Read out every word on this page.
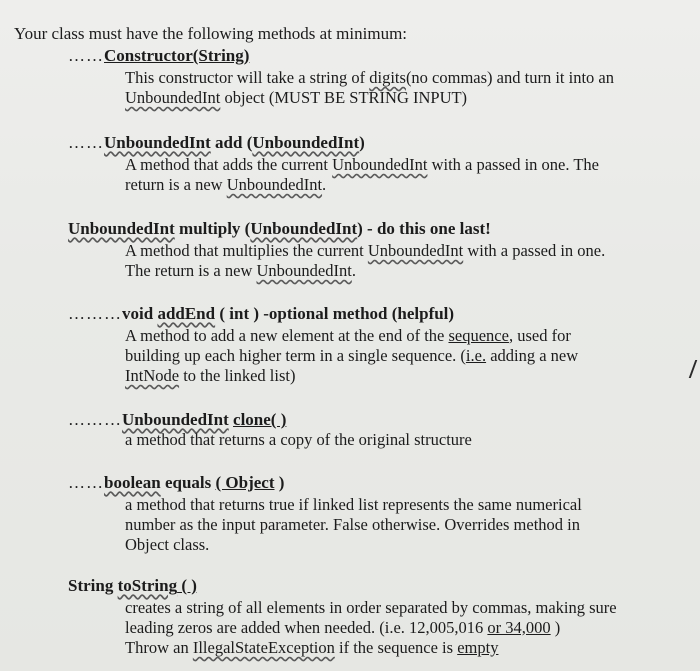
Your class must have the following methods at minimum:
……Constructor(String)
This constructor will take a string of digits(no commas) and turn it into an
UnboundedInt object (MUST BE STRING INPUT)
……UnboundedInt add (UnboundedInt)
A method that adds the current UnboundedInt with a passed in one. The
return is a new UnboundedInt.
UnboundedInt multiply (UnboundedInt) - do this one last!
A method that multiplies the current UnboundedInt with a passed in one.
The return is a new UnboundedInt.
………void addEnd ( int ) -optional method (helpful)
A method to add a new element at the end of the sequence, used for
building up each higher term in a single sequence. (i.e. adding a new
IntNode to the linked list)
………UnboundedInt clone( )
a method that returns a copy of the original structure
……boolean equals ( Object )
a method that returns true if linked list represents the same numerical
number as the input parameter. False otherwise. Overrides method in
Object class.
String toString ( )
creates a string of all elements in order separated by commas, making sure
leading zeros are added when needed. (i.e. 12,005,016 or 34,000 )
Throw an IllegalStateException if the sequence is empty
